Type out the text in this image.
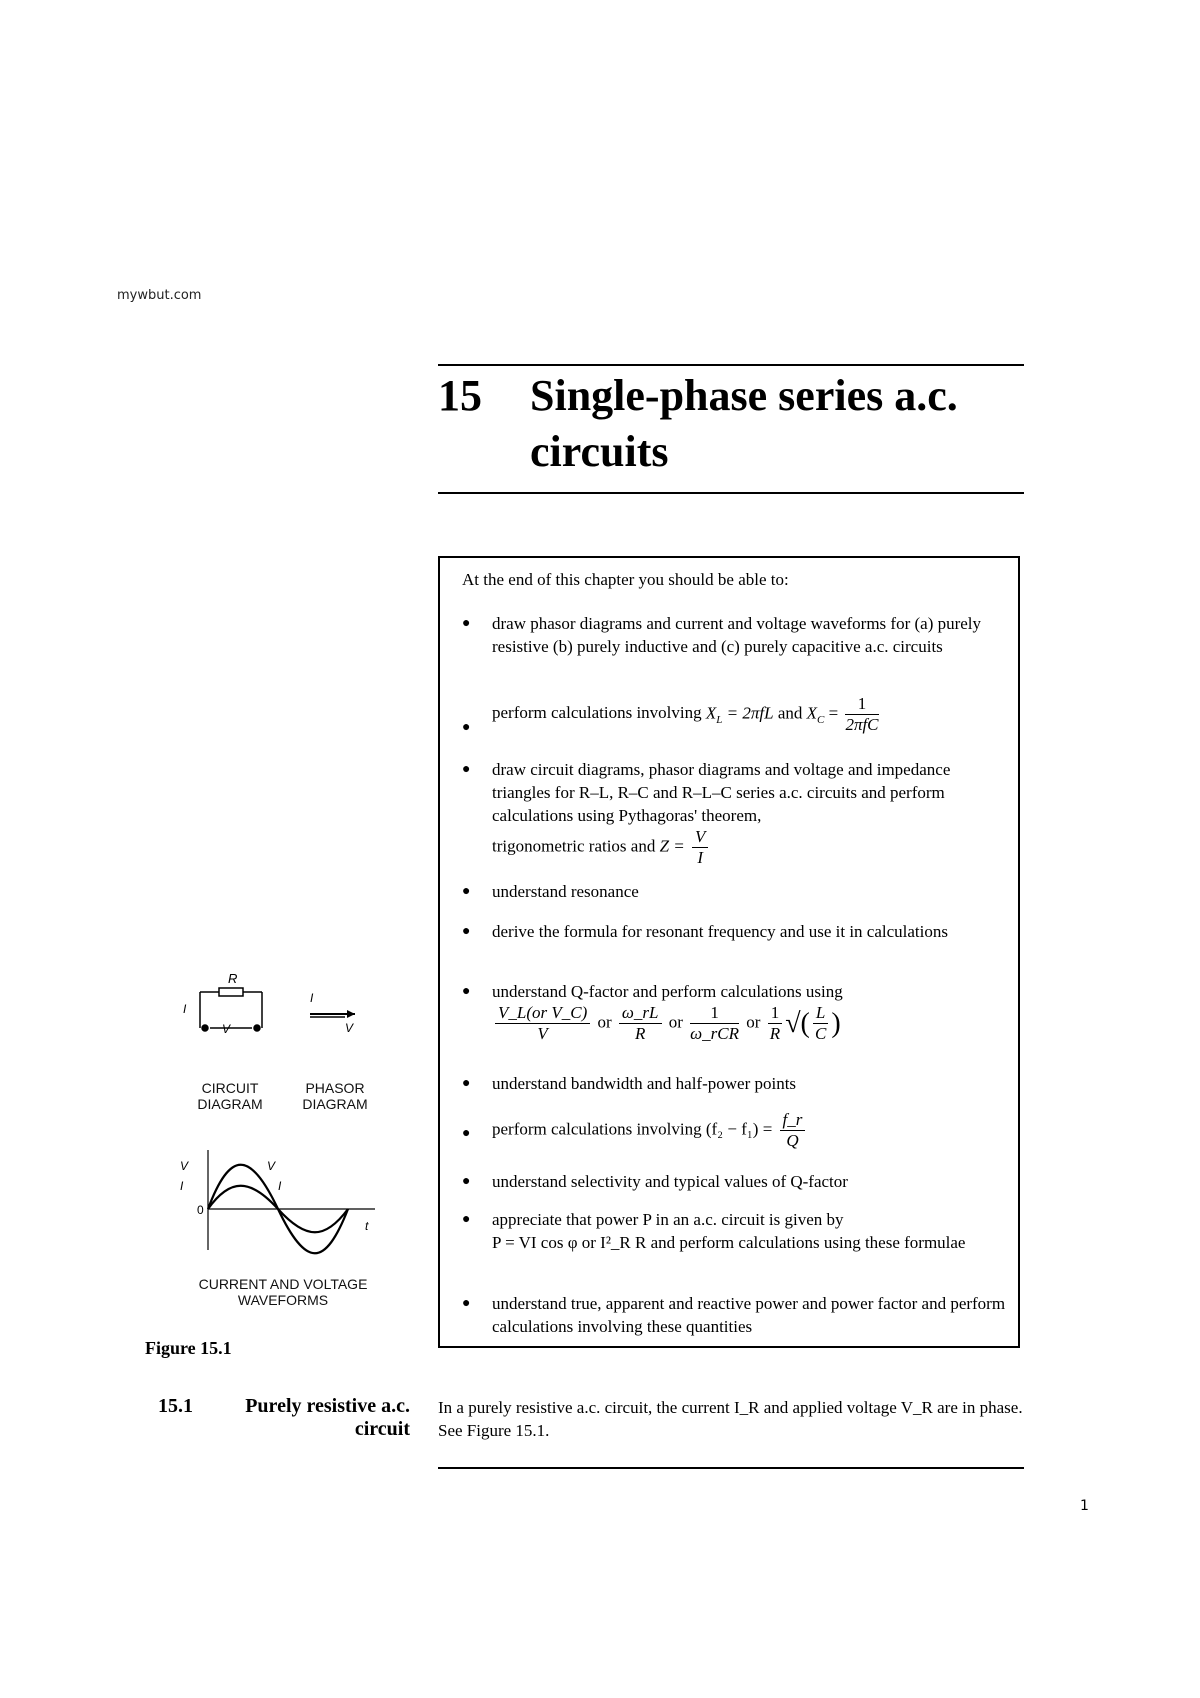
mywbut.com
15 Single-phase series a.c. circuits
At the end of this chapter you should be able to:
● draw phasor diagrams and current and voltage waveforms for (a) purely resistive (b) purely inductive and (c) purely capacitive a.c. circuits
●
perform calculations involving $X_L = 2\pi fL$ and $X_C = \frac{1}{\text{2πfC}}$
● draw circuit diagrams, phasor diagrams and voltage and impedance triangles for R–L, R–C and R–L–C series a.c. circuits and perform calculations using Pythagoras' theorem,
trigonometric ratios and $Z = \frac{V}{I}$
● understand resonance
● derive the formula for resonant frequency and use it in calculations
● understand Q-factor and perform calculations using

$\frac{\text{V\_L(or V\_C)}}{V}$ or $\frac{\omega\_rL}{R}$ or $\frac{1}{\text{ω\_rCR}}$ or $\frac{1}{R}$ √( $\frac{L}{C}$ )
● understand bandwidth and half-power points
● perform calculations involving $(f_2 - f_1) = \frac{f\_r}{Q}$
● understand selectivity and typical values of Q-factor
● appreciate that power P in an a.c. circuit is given by
P = VI cos φ or I²_R R and perform calculations using these formulae
● understand true, apparent and reactive power and power factor and perform calculations involving these quantities
R
I
V
I
V
CIRCUIT
DIAGRAM
PHASOR
DIAGRAM
V
I
0
t
V
I
CURRENT AND VOLTAGE
WAVEFORMS
Figure 15.1
15.1	Purely resistive a.c. circuit
In a purely resistive a.c. circuit, the current I_R and applied voltage V_R are in phase. See Figure 15.1.
1
